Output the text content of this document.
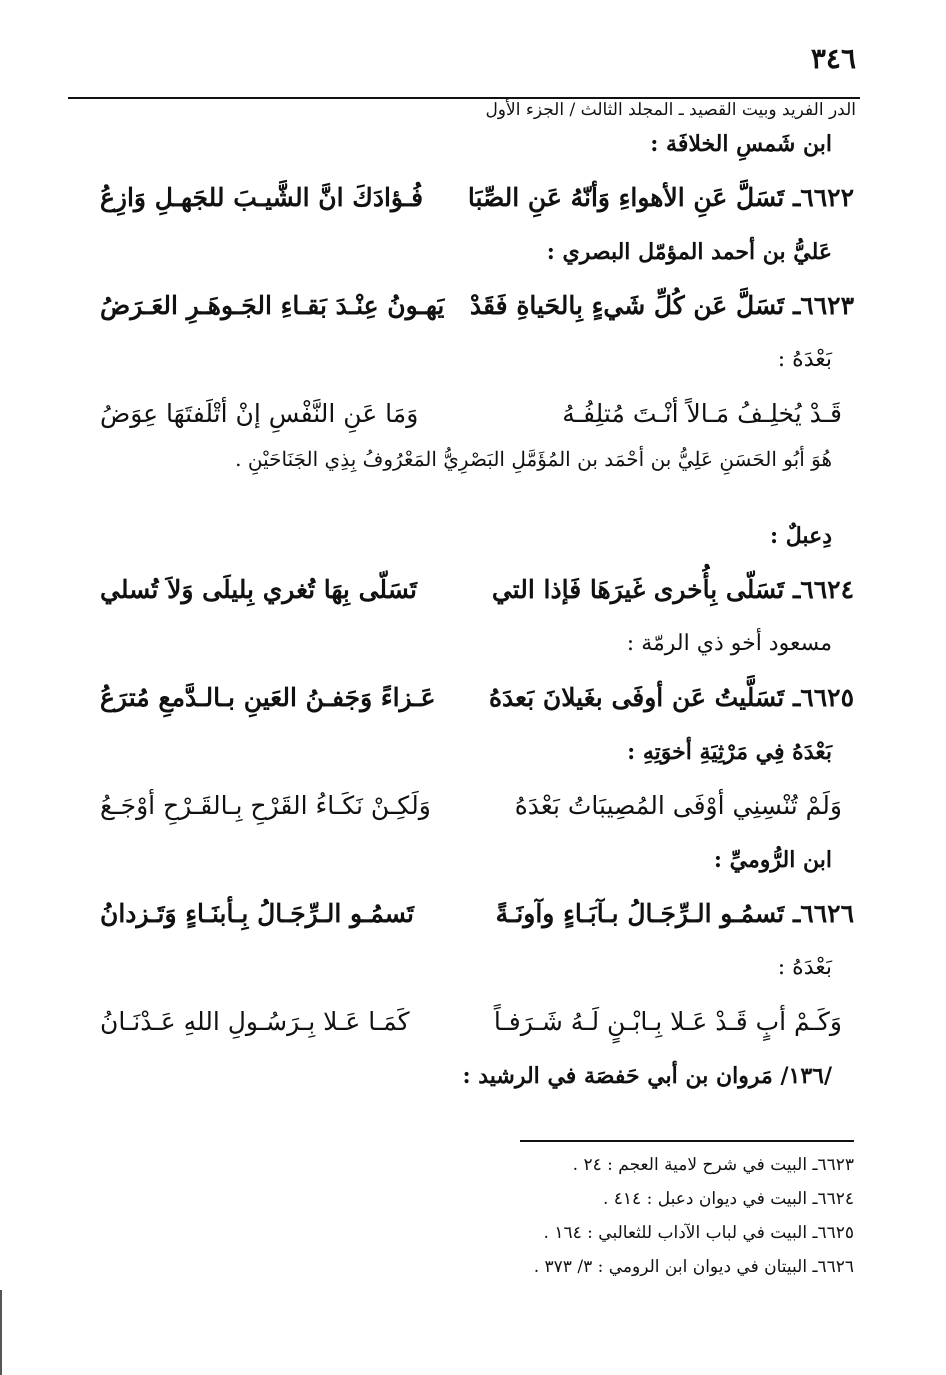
٣٤٦
الدر الفريد وبيت القصيد ـ المجلد الثالث / الجزء الأول
ابن شَمسِ الخلافَة :
٦٦٢٢ـ تَسَلَّ عَنِ الأهواءِ وَأنّهُ عَنِ الصِّبَا
فُـؤادَكَ انَّ الشَّيـبَ للجَهـلِ وَازِعُ
عَليُّ بن أحمد المؤمّل البصري :
٦٦٢٣ـ تَسَلَّ عَن كُلِّ شَيءٍ بِالحَياةِ فَقَدْ
يَهـونُ عِنْـدَ بَقـاءِ الجَـوهَـرِ العَـرَضُ
بَعْدَهُ :
قَـدْ يُخلِـفُ مَـالاً أنْـتَ مُتلِفُـهُ
وَمَا عَنِ النَّفْسِ إنْ أتْلَفتَهَا عِوَضُ
هُوَ أبُو الحَسَنِ عَلِيُّ بن أحْمَد بن المُؤَمَّلِ البَصْرِيُّ المَعْرُوفُ بِذِي الجَنَاحَيْنِ .
دِعبلٌ :
٦٦٢٤ـ تَسَلّى بِأُخرى غَيرَهَا فَإذا التي
تَسَلّى بِهَا تُغري بِليلَى وَلاَ تُسلي
مسعود أخو ذي الرمّة :
٦٦٢٥ـ تَسَلَّيتُ عَن أوفَى بغَيلانَ بَعدَهُ
عَـزاءً وَجَفـنُ العَينِ بـالـدَّمعِ مُترَعُ
بَعْدَهُ فِي مَرْثِيَةِ أخوَتِهِ :
وَلَمْ تُنْسِنِي أوْفَى المُصِيبَاتُ بَعْدَهُ
وَلَكِـنْ نَكَـاءُ القَرْحِ بِـالقَـرْحِ أوْجَـعُ
ابن الرُّوميِّ :
٦٦٢٦ـ تَسمُـو الـرِّجَـالُ بـآبَـاءٍ وآونَـةً
تَسمُـو الـرِّجَـالُ بِـأبنَـاءٍ وَتَـزدانُ
بَعْدَهُ :
وَكَـمْ أبٍ قَـدْ عَـلا بِـابْـنٍ لَـهُ شَـرَفـاً
كَمَـا عَـلا بِـرَسُـولِ اللهِ عَـدْنَـانُ
/١٣٦/ مَروان بن أبي حَفصَة في الرشيد :
٦٦٢٣ـ البيت في شرح لامية العجم : ٢٤ .
٦٦٢٤ـ البيت في ديوان دعبل : ٤١٤ .
٦٦٢٥ـ البيت في لباب الآداب للثعالبي : ١٦٤ .
٦٦٢٦ـ البيتان في ديوان ابن الرومي : ٣/ ٣٧٣ .
